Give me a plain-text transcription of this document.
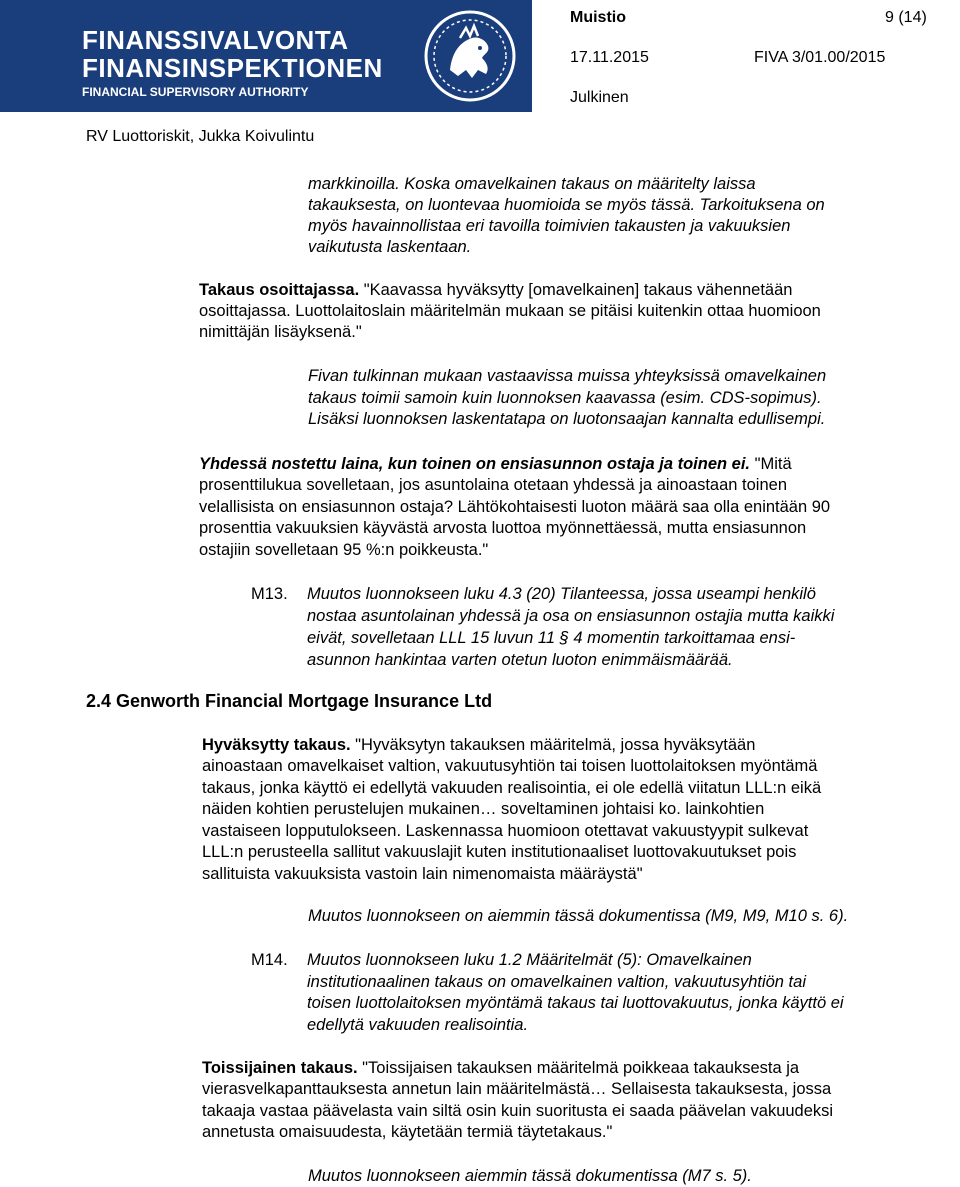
FINANSSIVALVONTA
FINANSINSPEKTIONEN
FINANCIAL SUPERVISORY AUTHORITY
Muistio	9 (14)
17.11.2015	FIVA 3/01.00/2015
Julkinen
RV Luottoriskit, Jukka Koivulintu
markkinoilla. Koska omavelkainen takaus on määritelty laissa
takauksesta, on luontevaa huomioida se myös tässä. Tarkoituksena on
myös havainnollistaa eri tavoilla toimivien takausten ja vakuuksien
vaikutusta laskentaan.
Takaus osoittajassa. "Kaavassa hyväksytty [omavelkainen] takaus vähennetään
osoittajassa. Luottolaitoslain määritelmän mukaan se pitäisi kuitenkin ottaa huomioon
nimittäjän lisäyksenä."
Fivan tulkinnan mukaan vastaavissa muissa yhteyksissä omavelkainen
takaus toimii samoin kuin luonnoksen kaavassa (esim. CDS-sopimus).
Lisäksi luonnoksen laskentatapa on luotonsaajan kannalta edullisempi.
Yhdessä nostettu laina, kun toinen on ensiasunnon ostaja ja toinen ei. "Mitä
prosenttilukua sovelletaan, jos asuntolaina otetaan yhdessä ja ainoastaan toinen
velallisista on ensiasunnon ostaja? Lähtökohtaisesti luoton määrä saa olla enintään 90
prosenttia vakuuksien käyvästä arvosta luottoa myönnettäessä, mutta ensiasunnon
ostajiin sovelletaan 95 %:n poikkeusta."
M13. Muutos luonnokseen luku 4.3 (20) Tilanteessa, jossa useampi henkilö
nostaa asuntolainan yhdessä ja osa on ensiasunnon ostajia mutta kaikki
eivät, sovelletaan LLL 15 luvun 11 § 4 momentin tarkoittamaa ensi-
asunnon hankintaa varten otetun luoton enimmäismäärää.
2.4 Genworth Financial Mortgage Insurance Ltd
Hyväksytty takaus. "Hyväksytyn takauksen määritelmä, jossa hyväksytään
ainoastaan omavelkaiset valtion, vakuutusyhtiön tai toisen luottolaitoksen myöntämä
takaus, jonka käyttö ei edellytä vakuuden realisointia, ei ole edellä viitatun LLL:n eikä
näiden kohtien perustelujen mukainen… soveltaminen johtaisi ko. lainkohtien
vastaiseen lopputulokseen. Laskennassa huomioon otettavat vakuustyypit sulkevat
LLL:n perusteella sallitut vakuuslajit kuten institutionaaliset luottovakuutukset pois
sallituista vakuuksista vastoin lain nimenomaista määräystä"
Muutos luonnokseen on aiemmin tässä dokumentissa (M9, M9, M10 s. 6).
M14. Muutos luonnokseen luku 1.2 Määritelmät (5): Omavelkainen
institutionaalinen takaus on omavelkainen valtion, vakuutusyhtiön tai
toisen luottolaitoksen myöntämä takaus tai luottovakuutus, jonka käyttö ei
edellytä vakuuden realisointia.
Toissijainen takaus. "Toissijaisen takauksen määritelmä poikkeaa takauksesta ja
vierasvelkapanttauksesta annetun lain määritelmästä… Sellaisesta takauksesta, jossa
takaaja vastaa päävelasta vain siltä osin kuin suoritusta ei saada päävelan vakuudeksi
annetusta omaisuudesta, käytetään termiä täytetakaus."
Muutos luonnokseen aiemmin tässä dokumentissa (M7 s. 5).
